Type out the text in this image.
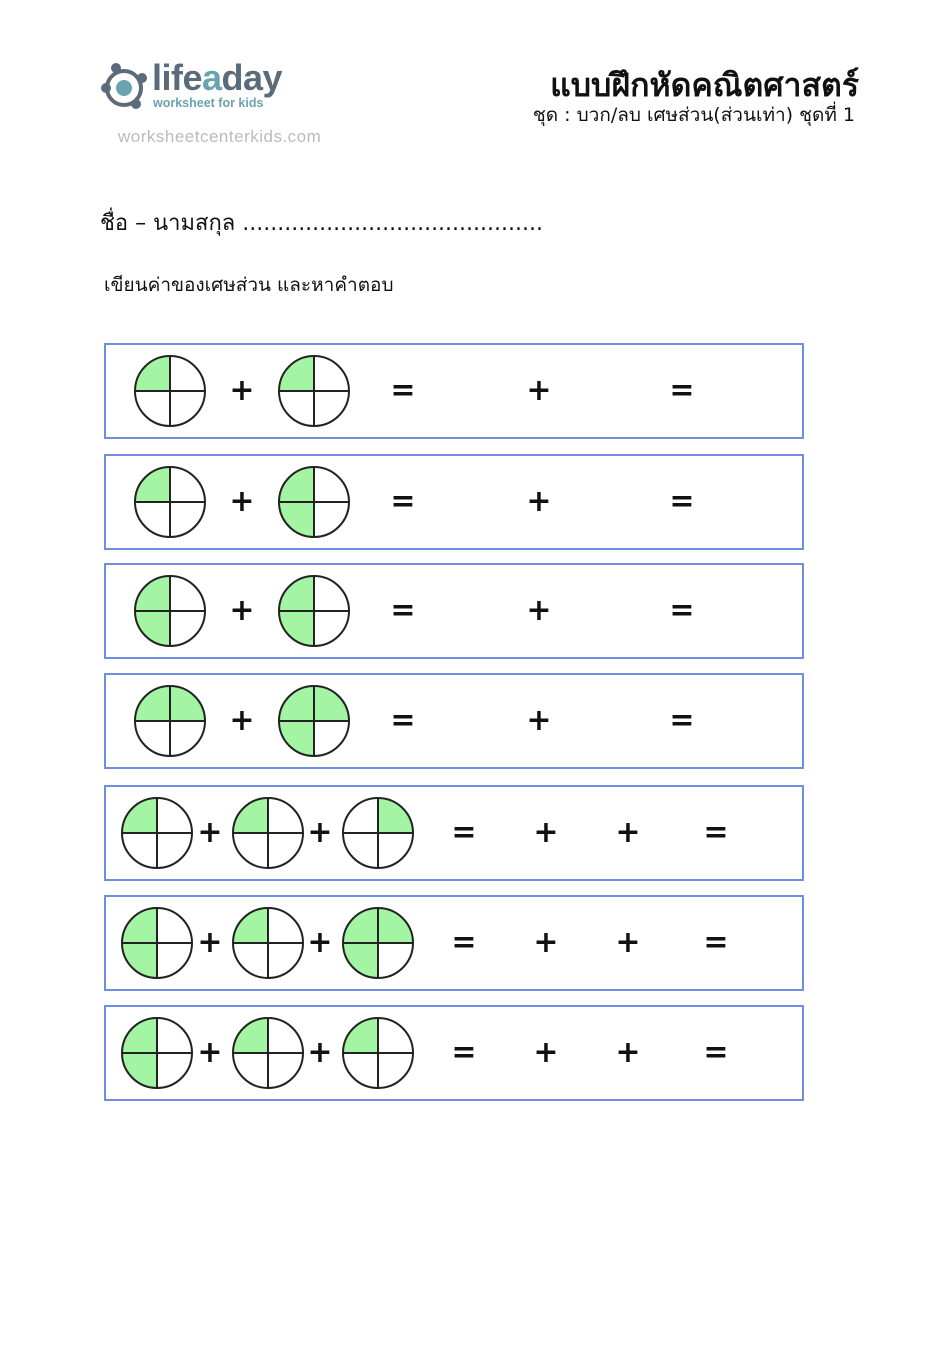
lifeaday
worksheet for kids
worksheetcenterkids.com
แบบฝึกหัดคณิตศาสตร์
ชุด : บวก/ลบ เศษส่วน(ส่วนเท่า) ชุดที่ 1
ชื่อ – นามสกุล ...........................................
เขียนค่าของเศษส่วน และหาคำตอบ
+	=	+	=
+	=	+	=
+	=	+	=
+	=	+	=
+	+	= + + =
+	+	= + + =
+	+	= + + =
